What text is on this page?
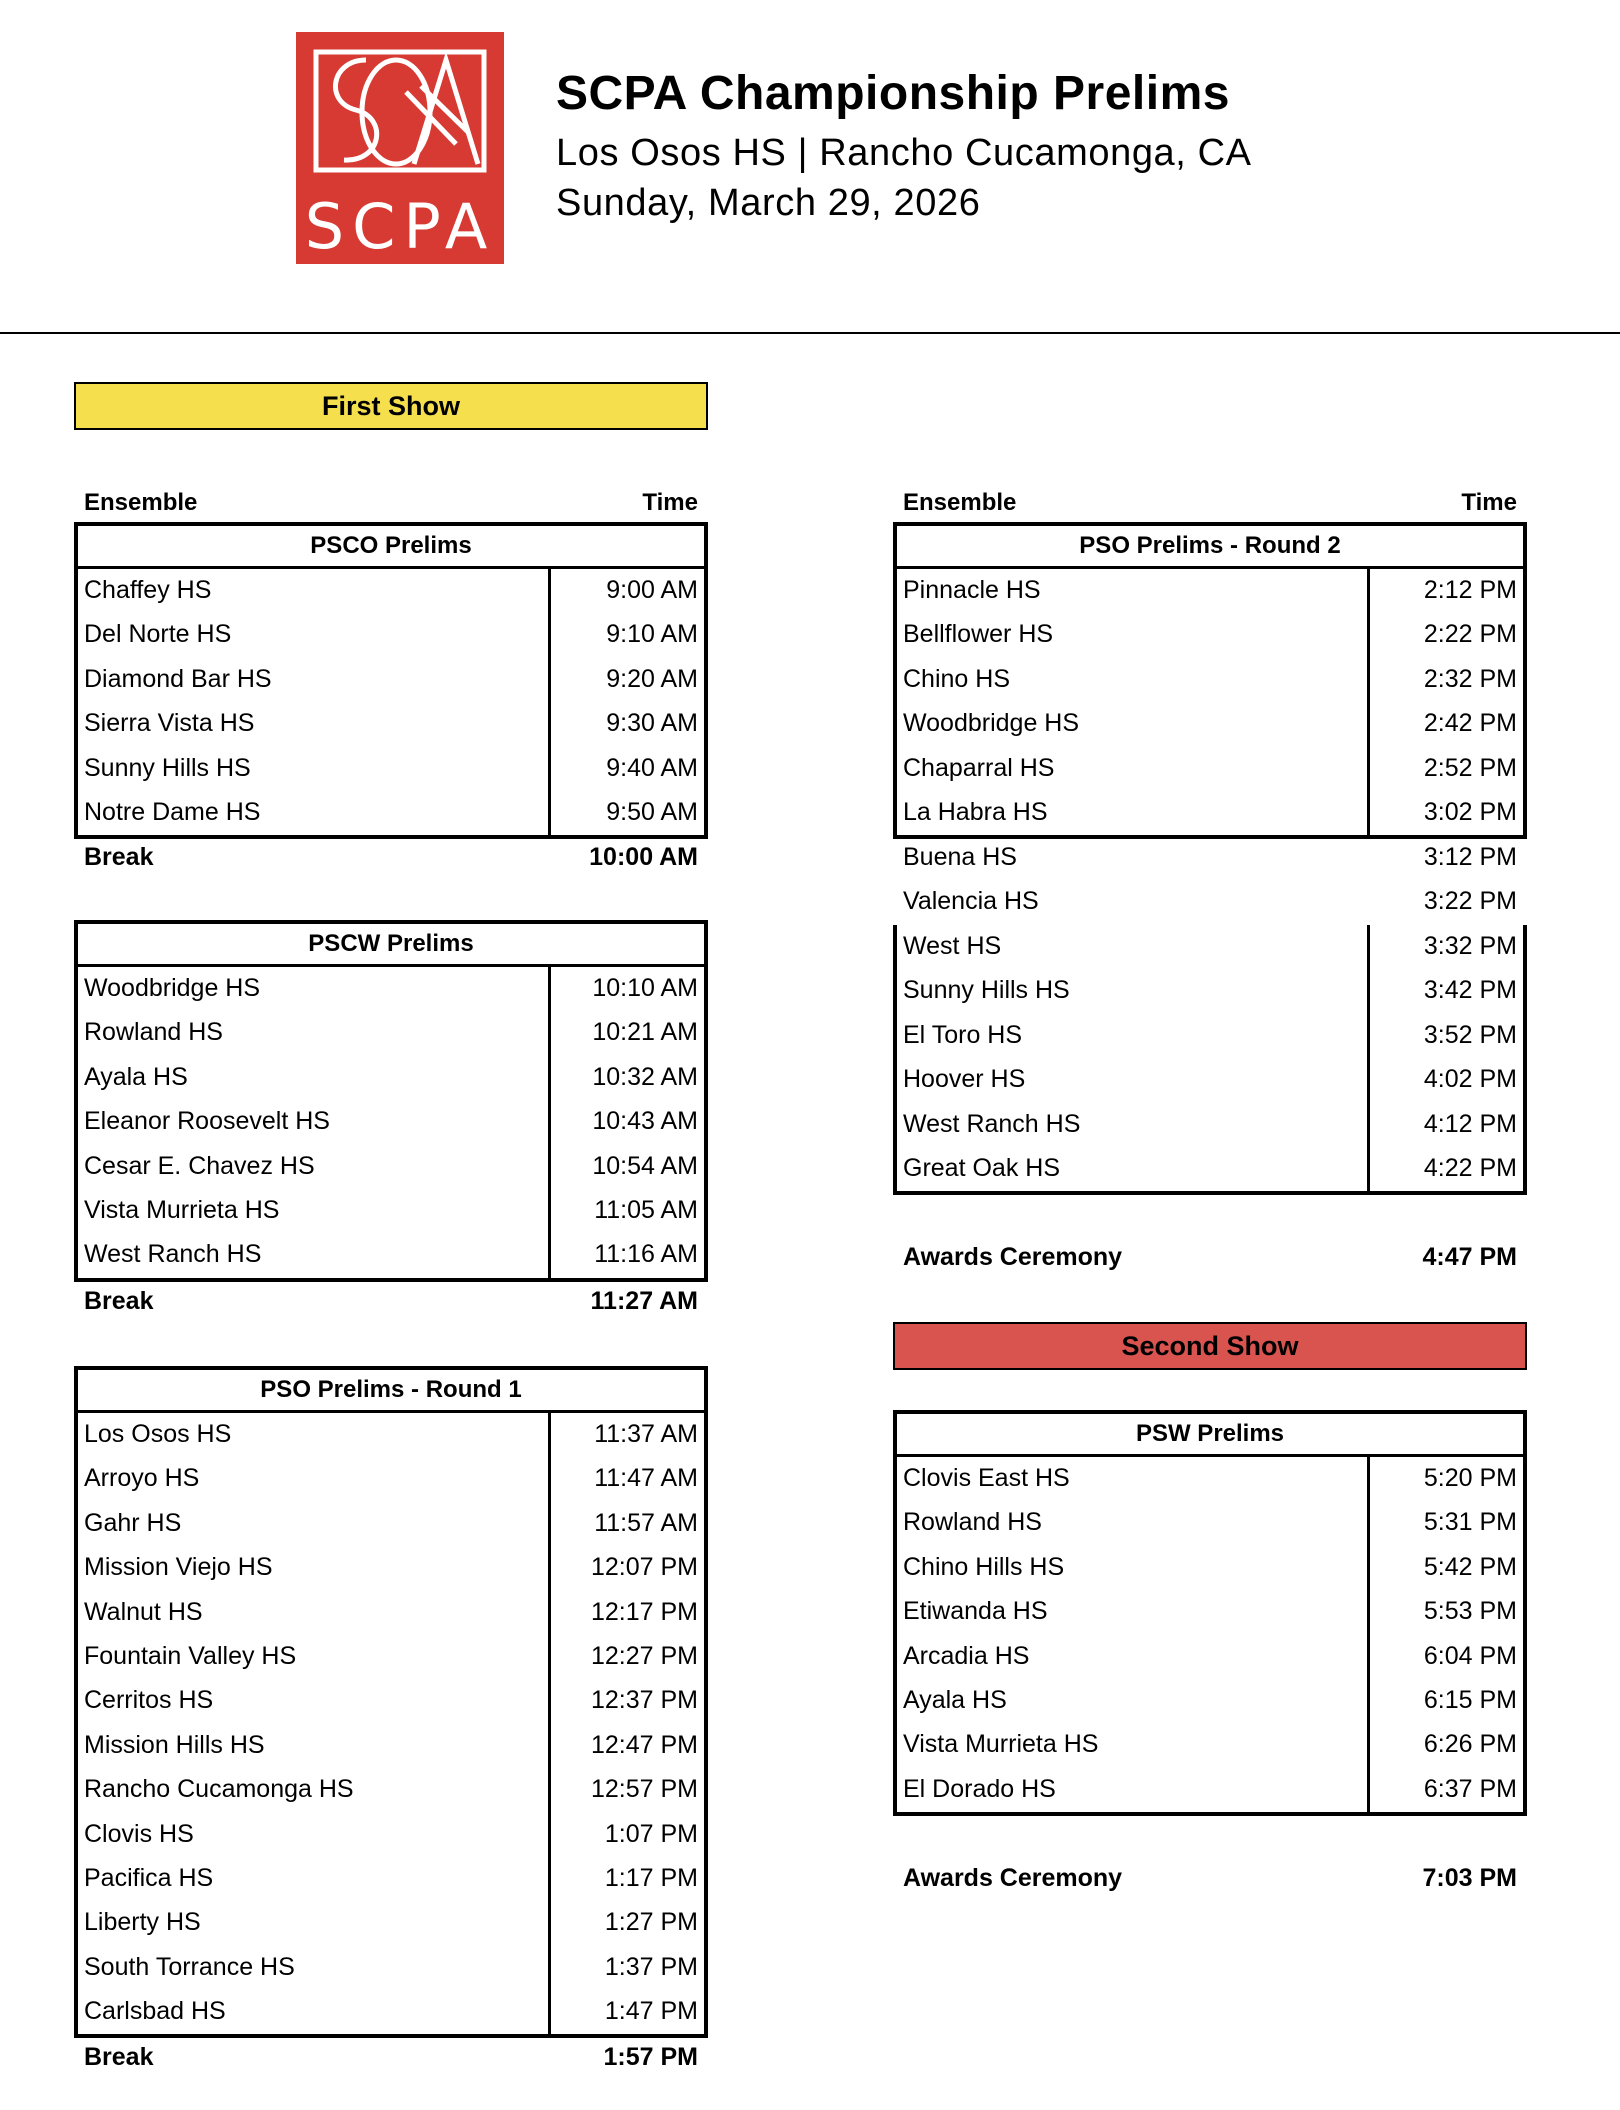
SCPA
SCPA Championship Prelims
Los Osos HS | Rancho Cucamonga, CA
Sunday, March 29, 2026
First Show
Ensemble	Time
PSCO Prelims
Chaffey HS	9:00 AM
Del Norte HS	9:10 AM
Diamond Bar HS	9:20 AM
Sierra Vista HS	9:30 AM
Sunny Hills HS	9:40 AM
Notre Dame HS	9:50 AM
Break	10:00 AM
PSCW Prelims
Woodbridge HS	10:10 AM
Rowland HS	10:21 AM
Ayala HS	10:32 AM
Eleanor Roosevelt HS	10:43 AM
Cesar E. Chavez HS	10:54 AM
Vista Murrieta HS	11:05 AM
West Ranch HS	11:16 AM
Break	11:27 AM
PSO Prelims - Round 1
Los Osos HS	11:37 AM
Arroyo HS	11:47 AM
Gahr HS	11:57 AM
Mission Viejo HS	12:07 PM
Walnut HS	12:17 PM
Fountain Valley HS	12:27 PM
Cerritos HS	12:37 PM
Mission Hills HS	12:47 PM
Rancho Cucamonga HS	12:57 PM
Clovis HS	1:07 PM
Pacifica HS	1:17 PM
Liberty HS	1:27 PM
South Torrance HS	1:37 PM
Carlsbad HS	1:47 PM
Break	1:57 PM
Ensemble	Time
PSO Prelims - Round 2
Pinnacle HS	2:12 PM
Bellflower HS	2:22 PM
Chino HS	2:32 PM
Woodbridge HS	2:42 PM
Chaparral HS	2:52 PM
La Habra HS	3:02 PM
Buena HS	3:12 PM
Valencia HS	3:22 PM
West HS	3:32 PM
Sunny Hills HS	3:42 PM
El Toro HS	3:52 PM
Hoover HS	4:02 PM
West Ranch HS	4:12 PM
Great Oak HS	4:22 PM
Awards Ceremony	4:47 PM
Second Show
PSW Prelims
Clovis East HS	5:20 PM
Rowland HS	5:31 PM
Chino Hills HS	5:42 PM
Etiwanda HS	5:53 PM
Arcadia HS	6:04 PM
Ayala HS	6:15 PM
Vista Murrieta HS	6:26 PM
El Dorado HS	6:37 PM
Awards Ceremony	7:03 PM
